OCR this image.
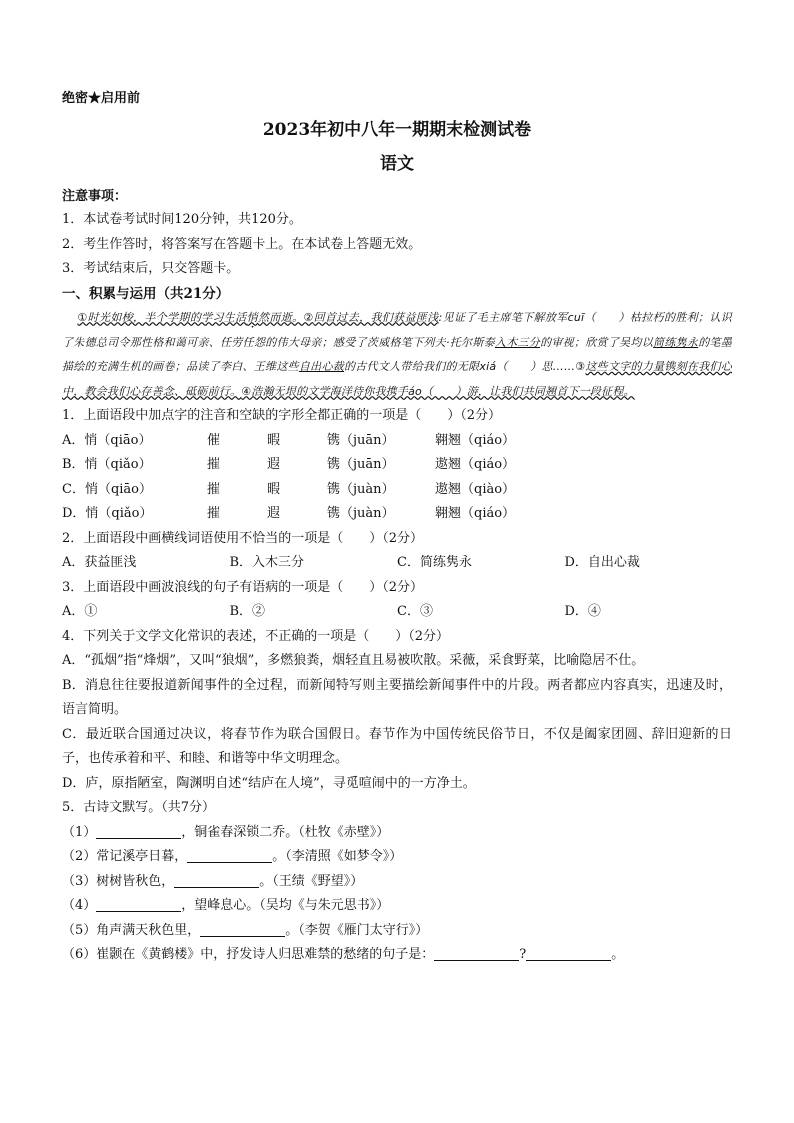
绝密★启用前
2023年初中八年一期期末检测试卷
语文
注意事项：
1．本试卷考试时间120分钟，共120分。
2．考生作答时，将答案写在答题卡上。在本试卷上答题无效。
3．考试结束后，只交答题卡。
一、积累与运用（共21分）
①时光如梭，半个学期的学习生活悄然而逝。②回首过去，我们获益匪浅:见证了毛主席笔下解放军cuī（　　）枯拉朽的胜利；认识了朱德总司令那性格和蔼可亲、任劳任怨的伟大母亲；感受了茨威格笔下列夫·托尔斯泰入木三分的审视；欣赏了吴均以简练隽永的笔墨描绘的充满生机的画卷；品读了李白、王维这些自出心裁的古代文人带给我们的无限xiá（　　）思……③这些文字的力量镌刻在我们心中，教会我们心存善念、砥砺前行。④浩瀚无垠的文学海洋待你我携手áo（　　）游，让我们共同翘首下一段征程。
1．上面语段中加点字的注音和空缺的字形全都正确的一项是（　　）（2分）
A．悄（qiāo）	催	暇	镌（juān）	翱翘（qiáo）
B．悄（qiǎo）	摧	遐	镌（juān）	遨翘（qiáo）
C．悄（qiāo）	摧	暇	镌（juàn）	遨翘（qiào）
D．悄（qiǎo）	摧	遐	镌（juàn）	翱翘（qiáo）
2．上面语段中画横线词语使用不恰当的一项是（　　）（2分）
A．获益匪浅	B．入木三分	C．简练隽永	D．自出心裁
3．上面语段中画波浪线的句子有语病的一项是（　　）（2分）
A．①	B．②	C．③	D．④
4．下列关于文学文化常识的表述，不正确的一项是（　　）（2分）
A．“孤烟”指“烽烟”，又叫“狼烟”，多燃狼粪，烟轻直且易被吹散。采薇，采食野菜，比喻隐居不仕。
B．消息往往要报道新闻事件的全过程，而新闻特写则主要描绘新闻事件中的片段。两者都应内容真实，迅速及时，语言简明。
C．最近联合国通过决议，将春节作为联合国假日。春节作为中国传统民俗节日，不仅是阖家团圆、辞旧迎新的日子，也传承着和平、和睦、和谐等中华文明理念。
D．庐，原指陋室，陶渊明自述“结庐在人境”，寻觅喧闹中的一方净土。
5．古诗文默写。（共7分）
（1）	，铜雀春深锁二乔。（杜牧《赤壁》）
（2）常记溪亭日暮，	。（李清照《如梦令》）
（3）树树皆秋色，	。（王绩《野望》）
（4）	，望峰息心。（吴均《与朱元思书》）
（5）角声满天秋色里，	。（李贺《雁门太守行》）
（6）崔颢在《黄鹤楼》中，抒发诗人归思难禁的愁绪的句子是：	?	。
